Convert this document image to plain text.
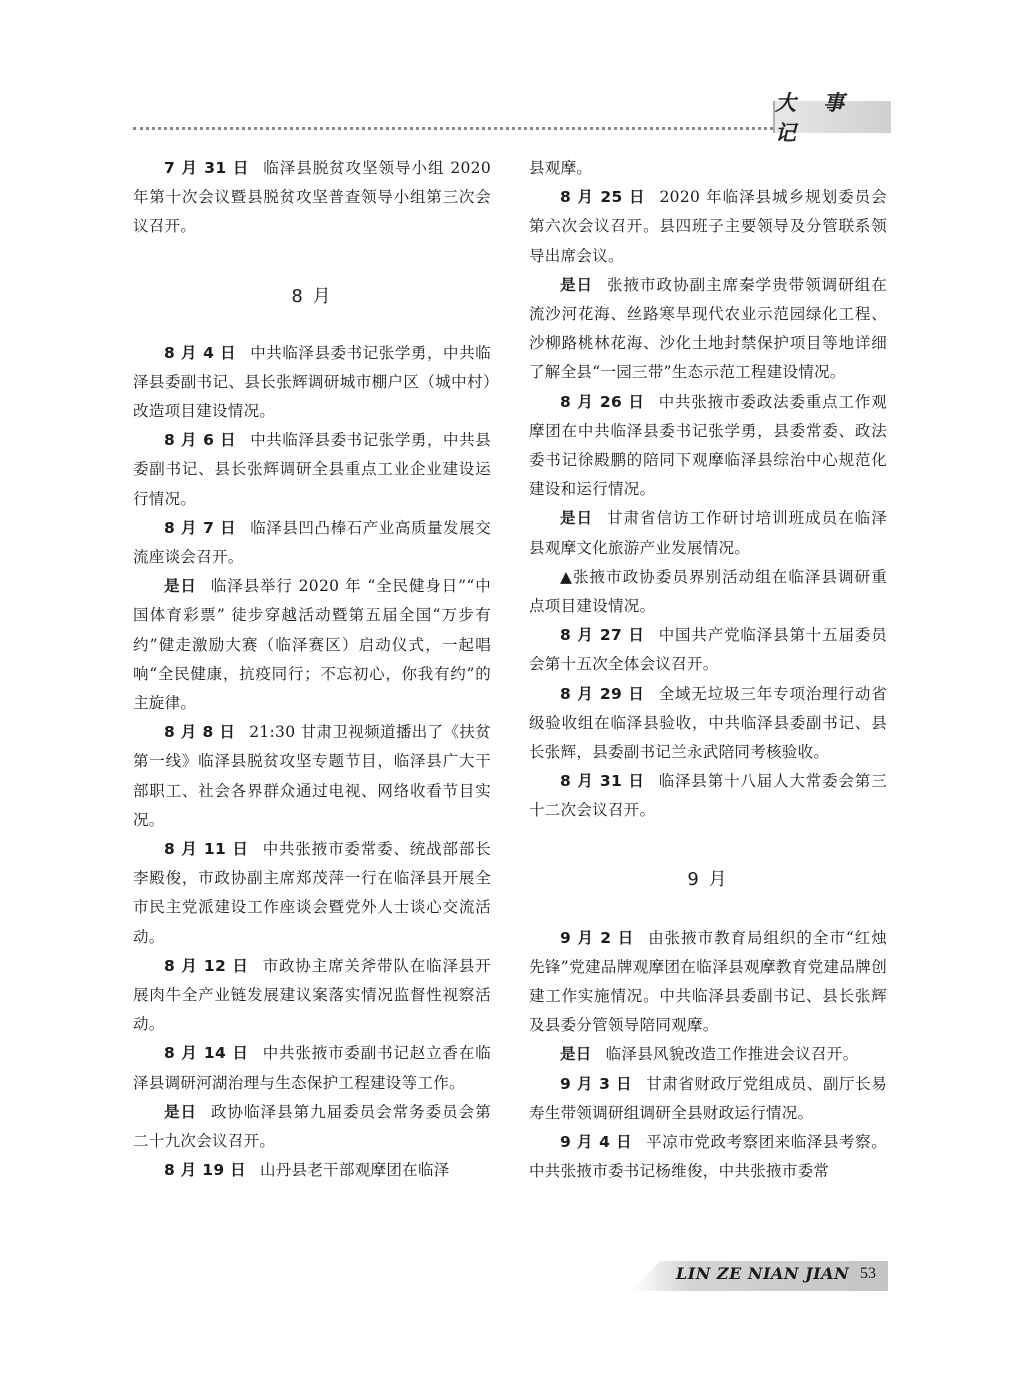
大 事 记

7 月 31 日 临泽县脱贫攻坚领导小组 2020 年第十次会议暨县脱贫攻坚普查领导小组第三次会议召开。

8 月

8 月 4 日 中共临泽县委书记张学勇，中共临泽县委副书记、县长张辉调研城市棚户区（城中村）改造项目建设情况。

8 月 6 日 中共临泽县委书记张学勇，中共县委副书记、县长张辉调研全县重点工业企业建设运行情况。

8 月 7 日 临泽县凹凸棒石产业高质量发展交流座谈会召开。

是日 临泽县举行 2020 年 “全民健身日”“中国体育彩票” 徒步穿越活动暨第五届全国“万步有约”健走激励大赛（临泽赛区）启动仪式，一起唱响“全民健康，抗疫同行；不忘初心，你我有约”的主旋律。

8 月 8 日 21:30 甘肃卫视频道播出了《扶贫第一线》临泽县脱贫攻坚专题节目，临泽县广大干部职工、社会各界群众通过电视、网络收看节目实况。

8 月 11 日 中共张掖市委常委、统战部部长李殿俊，市政协副主席郑茂萍一行在临泽县开展全市民主党派建设工作座谈会暨党外人士谈心交流活动。

8 月 12 日 市政协主席关斧带队在临泽县开展肉牛全产业链发展建议案落实情况监督性视察活动。

8 月 14 日 中共张掖市委副书记赵立香在临泽县调研河湖治理与生态保护工程建设等工作。

是日 政协临泽县第九届委员会常务委员会第二十九次会议召开。

8 月 19 日 山丹县老干部观摩团在临泽

县观摩。

8 月 25 日 2020 年临泽县城乡规划委员会第六次会议召开。县四班子主要领导及分管联系领导出席会议。

是日 张掖市政协副主席秦学贵带领调研组在流沙河花海、丝路寒旱现代农业示范园绿化工程、沙柳路桃林花海、沙化土地封禁保护项目等地详细了解全县“一园三带”生态示范工程建设情况。

8 月 26 日 中共张掖市委政法委重点工作观摩团在中共临泽县委书记张学勇，县委常委、政法委书记徐殿鹏的陪同下观摩临泽县综治中心规范化建设和运行情况。

是日 甘肃省信访工作研讨培训班成员在临泽县观摩文化旅游产业发展情况。

▲张掖市政协委员界别活动组在临泽县调研重点项目建设情况。

8 月 27 日 中国共产党临泽县第十五届委员会第十五次全体会议召开。

8 月 29 日 全域无垃圾三年专项治理行动省级验收组在临泽县验收，中共临泽县委副书记、县长张辉，县委副书记兰永武陪同考核验收。

8 月 31 日 临泽县第十八届人大常委会第三十二次会议召开。

9 月

9 月 2 日 由张掖市教育局组织的全市“红烛先锋”党建品牌观摩团在临泽县观摩教育党建品牌创建工作实施情况。中共临泽县委副书记、县长张辉及县委分管领导陪同观摩。

是日 临泽县风貌改造工作推进会议召开。

9 月 3 日 甘肃省财政厅党组成员、副厅长易寿生带领调研组调研全县财政运行情况。

9 月 4 日 平凉市党政考察团来临泽县考察。中共张掖市委书记杨维俊，中共张掖市委常

LIN ZE NIAN JIAN 53
